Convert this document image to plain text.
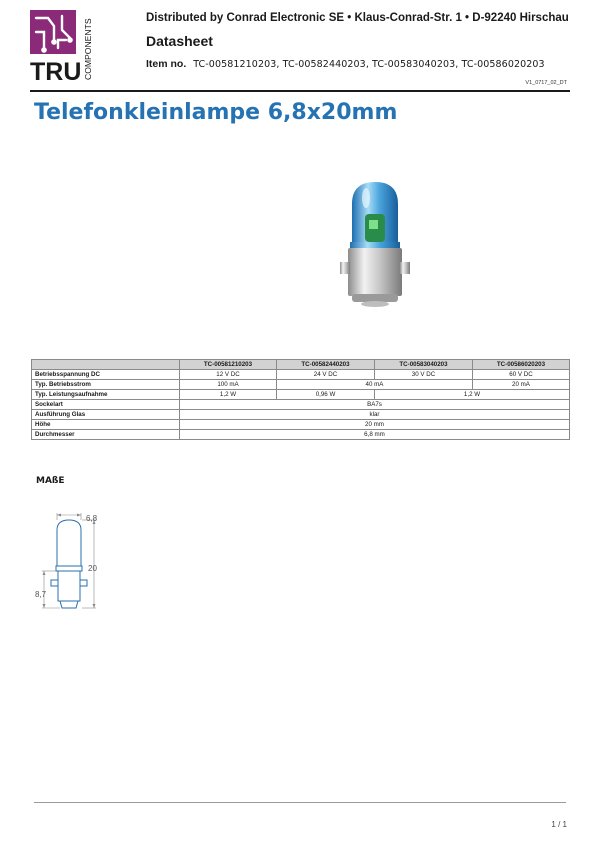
TRU COMPONENTS
Distributed by Conrad Electronic SE • Klaus-Conrad-Str. 1 • D-92240 Hirschau
Datasheet
Item no. TC-00581210203, TC-00582440203, TC-00583040203, TC-00586020203
V1_0717_02_DT
Telefonkleinlampe 6,8x20mm
	TC-00581210203	TC-00582440203	TC-00583040203	TC-00586020203
Betriebsspannung DC	12 V DC	24 V DC	30 V DC	60 V DC
Typ. Betriebsstrom	100 mA	40 mA		20 mA
Typ. Leistungsaufnahme	1,2 W	0,96 W	1,2 W	
Sockelart	BA7s			
Ausführung Glas	klar			
Höhe	20 mm			
Durchmesser	6,8 mm			
MAßE
6,8
20
8,7
1 / 1
